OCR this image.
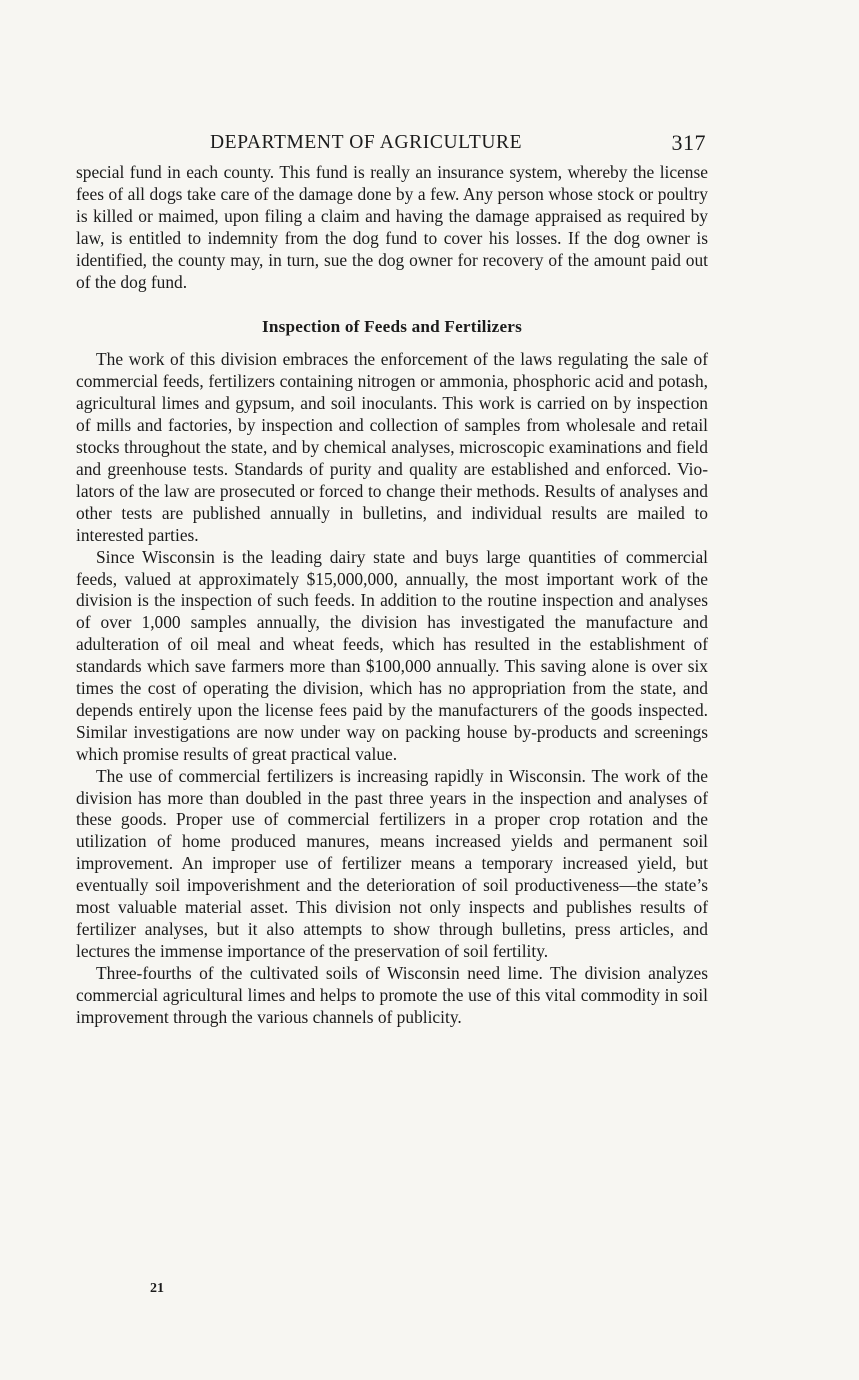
DEPARTMENT OF AGRICULTURE	317

special fund in each county. This fund is really an insurance system, whereby the license fees of all dogs take care of the damage done by a few. Any person whose stock or poultry is killed or maimed, upon filing a claim and having the damage appraised as required by law, is entitled to indemnity from the dog fund to cover his losses. If the dog owner is identified, the county may, in turn, sue the dog owner for recovery of the amount paid out of the dog fund.

Inspection of Feeds and Fertilizers

The work of this division embraces the enforcement of the laws regulating the sale of commercial feeds, fertilizers containing nitrogen or ammonia, phosphoric acid and potash, agricultural limes and gypsum, and soil inoculants. This work is carried on by inspection of mills and factories, by inspection and collection of samples from wholesale and retail stocks throughout the state, and by chemical analyses, microscopic examinations and field and greenhouse tests. Standards of purity and quality are established and enforced. Violators of the law are prosecuted or forced to change their methods. Results of analyses and other tests are published annually in bulletins, and individual results are mailed to interested parties.

Since Wisconsin is the leading dairy state and buys large quantities of commercial feeds, valued at approximately $15,000,000, annually, the most important work of the division is the inspection of such feeds. In addition to the routine inspection and analyses of over 1,000 samples annually, the division has investigated the manufacture and adulteration of oil meal and wheat feeds, which has resulted in the establishment of standards which save farmers more than $100,000 annually. This saving alone is over six times the cost of operating the division, which has no appropriation from the state, and depends entirely upon the license fees paid by the manufacturers of the goods inspected. Similar investigations are now under way on packing house by-products and screenings which promise results of great practical value.

The use of commercial fertilizers is increasing rapidly in Wisconsin. The work of the division has more than doubled in the past three years in the inspection and analyses of these goods. Proper use of commercial fertilizers in a proper crop rotation and the utilization of home produced manures, means increased yields and permanent soil improvement. An improper use of fertilizer means a temporary increased yield, but eventually soil impoverishment and the deterioration of soil productiveness—the state’s most valuable material asset. This division not only inspects and publishes results of fertilizer analyses, but it also attempts to show through bulletins, press articles, and lectures the immense importance of the preservation of soil fertility.

Three-fourths of the cultivated soils of Wisconsin need lime. The division analyzes commercial agricultural limes and helps to promote the use of this vital commodity in soil improvement through the various channels of publicity.

21
